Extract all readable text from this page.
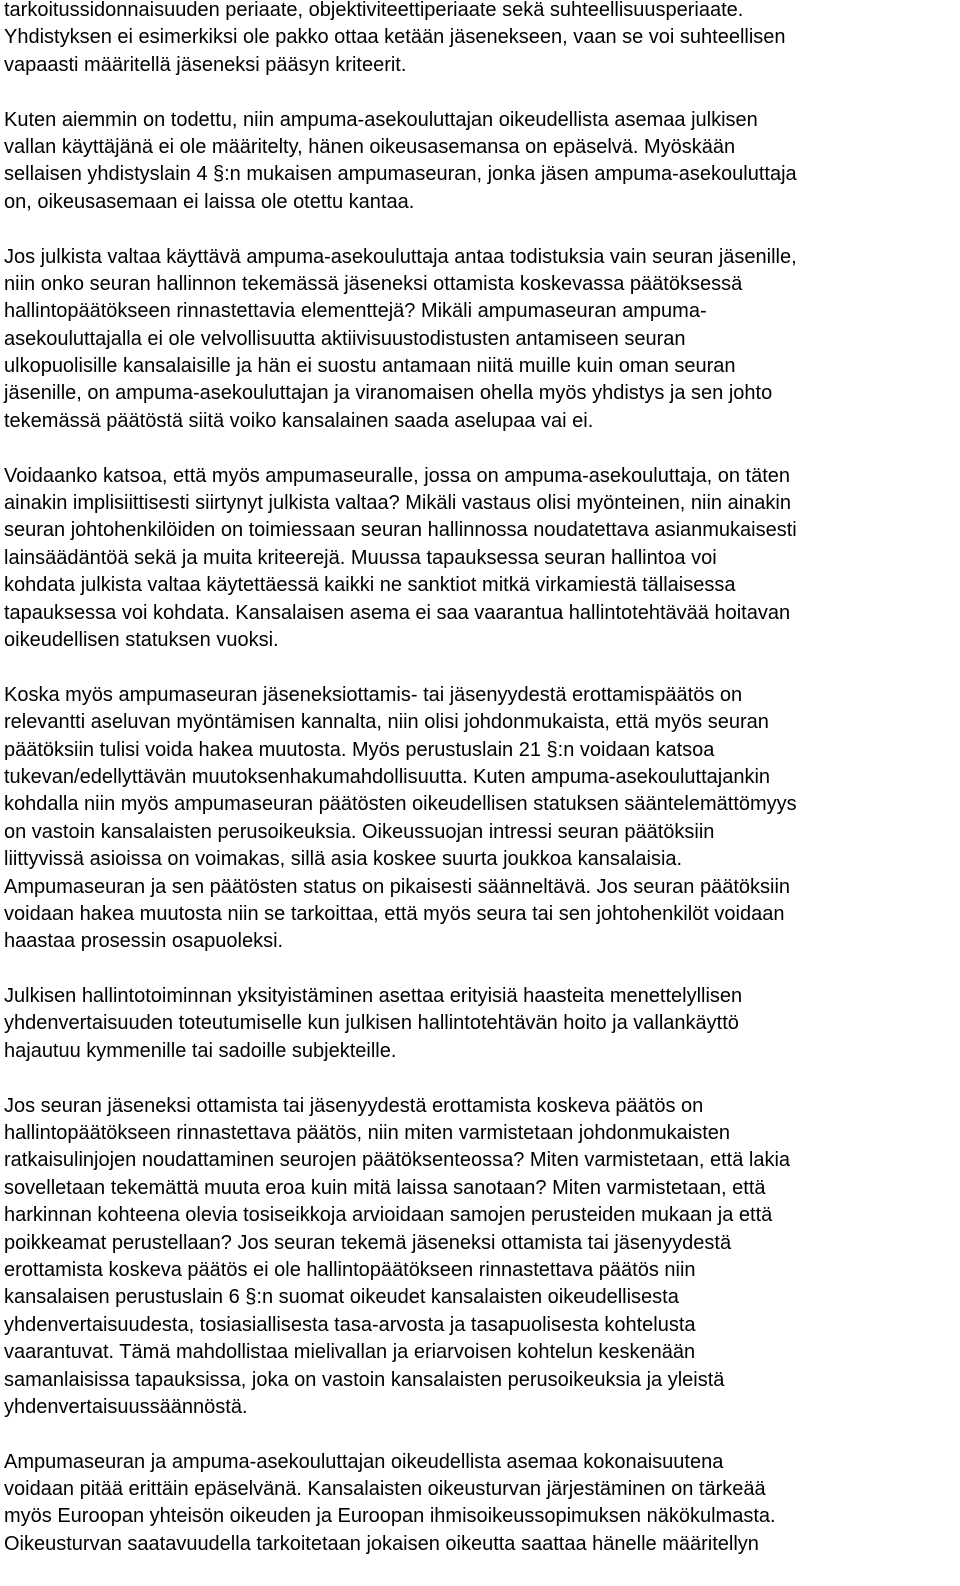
tarkoitussidonnaisuuden periaate, objektiviteettiperiaate sekä suhteellisuusperiaate.
Yhdistyksen ei esimerkiksi ole pakko ottaa ketään jäsenekseen, vaan se voi suhteellisen
vapaasti määritellä jäseneksi pääsyn kriteerit.
Kuten aiemmin on todettu, niin ampuma-asekouluttajan oikeudellista asemaa julkisen
vallan käyttäjänä ei ole määritelty, hänen oikeusasemansa on epäselvä. Myöskään
sellaisen yhdistyslain 4 §:n mukaisen ampumaseuran, jonka jäsen ampuma-asekouluttaja
on, oikeusasemaan ei laissa ole otettu kantaa.
Jos julkista valtaa käyttävä ampuma-asekouluttaja antaa todistuksia vain seuran jäsenille,
niin onko seuran hallinnon tekemässä jäseneksi ottamista koskevassa päätöksessä
hallintopäätökseen rinnastettavia elementtejä? Mikäli ampumaseuran ampuma-
asekouluttajalla ei ole velvollisuutta aktiivisuustodistusten antamiseen seuran
ulkopuolisille kansalaisille ja hän ei suostu antamaan niitä muille kuin oman seuran
jäsenille, on ampuma-asekouluttajan ja viranomaisen ohella myös yhdistys ja sen johto
tekemässä päätöstä siitä voiko kansalainen saada aselupaa vai ei.
Voidaanko katsoa, että myös ampumaseuralle, jossa on ampuma-asekouluttaja, on täten
ainakin implisiittisesti siirtynyt julkista valtaa? Mikäli vastaus olisi myönteinen, niin ainakin
seuran johtohenkilöiden on toimiessaan seuran hallinnossa noudatettava asianmukaisesti
lainsäädäntöä sekä ja muita kriteerejä. Muussa tapauksessa seuran hallintoa voi
kohdata julkista valtaa käytettäessä kaikki ne sanktiot mitkä virkamiestä tällaisessa
tapauksessa voi kohdata. Kansalaisen asema ei saa vaarantua hallintotehtävää hoitavan
oikeudellisen statuksen vuoksi.
Koska myös ampumaseuran jäseneksiottamis- tai jäsenyydestä erottamispäätös on
relevantti aseluvan myöntämisen kannalta, niin olisi johdonmukaista, että myös seuran
päätöksiin tulisi voida hakea muutosta. Myös perustuslain 21 §:n voidaan katsoa
tukevan/edellyttävän muutoksenhakumahdollisuutta. Kuten ampuma-asekouluttajankin
kohdalla niin myös ampumaseuran päätösten oikeudellisen statuksen sääntelemättömyys
on vastoin kansalaisten perusoikeuksia. Oikeussuojan intressi seuran päätöksiin
liittyvissä asioissa on voimakas, sillä asia koskee suurta joukkoa kansalaisia.
Ampumaseuran ja sen päätösten status on pikaisesti säänneltävä. Jos seuran päätöksiin
voidaan hakea muutosta niin se tarkoittaa, että myös seura tai sen johtohenkilöt voidaan
haastaa prosessin osapuoleksi.
Julkisen hallintotoiminnan yksityistäminen asettaa erityisiä haasteita menettelyllisen
yhdenvertaisuuden toteutumiselle kun julkisen hallintotehtävän hoito ja vallankäyttö
hajautuu kymmenille tai sadoille subjekteille.
Jos seuran jäseneksi ottamista tai jäsenyydestä erottamista koskeva päätös on
hallintopäätökseen rinnastettava päätös, niin miten varmistetaan johdonmukaisten
ratkaisulinjojen noudattaminen seurojen päätöksenteossa? Miten varmistetaan, että lakia
sovelletaan tekemättä muuta eroa kuin mitä laissa sanotaan? Miten varmistetaan, että
harkinnan kohteena olevia tosiseikkoja arvioidaan samojen perusteiden mukaan ja että
poikkeamat perustellaan? Jos seuran tekemä jäseneksi ottamista tai jäsenyydestä
erottamista koskeva päätös ei ole hallintopäätökseen rinnastettava päätös niin
kansalaisen perustuslain 6 §:n suomat oikeudet kansalaisten oikeudellisesta
yhdenvertaisuudesta, tosiasiallisesta tasa-arvosta ja tasapuolisesta kohtelusta
vaarantuvat. Tämä mahdollistaa mielivallan ja eriarvoisen kohtelun keskenään
samanlaisissa tapauksissa, joka on vastoin kansalaisten perusoikeuksia ja yleistä
yhdenvertaisuussäännöstä.
Ampumaseuran ja ampuma-asekouluttajan oikeudellista asemaa kokonaisuutena
voidaan pitää erittäin epäselvänä. Kansalaisten oikeusturvan järjestäminen on tärkeää
myös Euroopan yhteisön oikeuden ja Euroopan ihmisoikeussopimuksen näkökulmasta.
Oikeusturvan saatavuudella tarkoitetaan jokaisen oikeutta saattaa hänelle määritellyn
